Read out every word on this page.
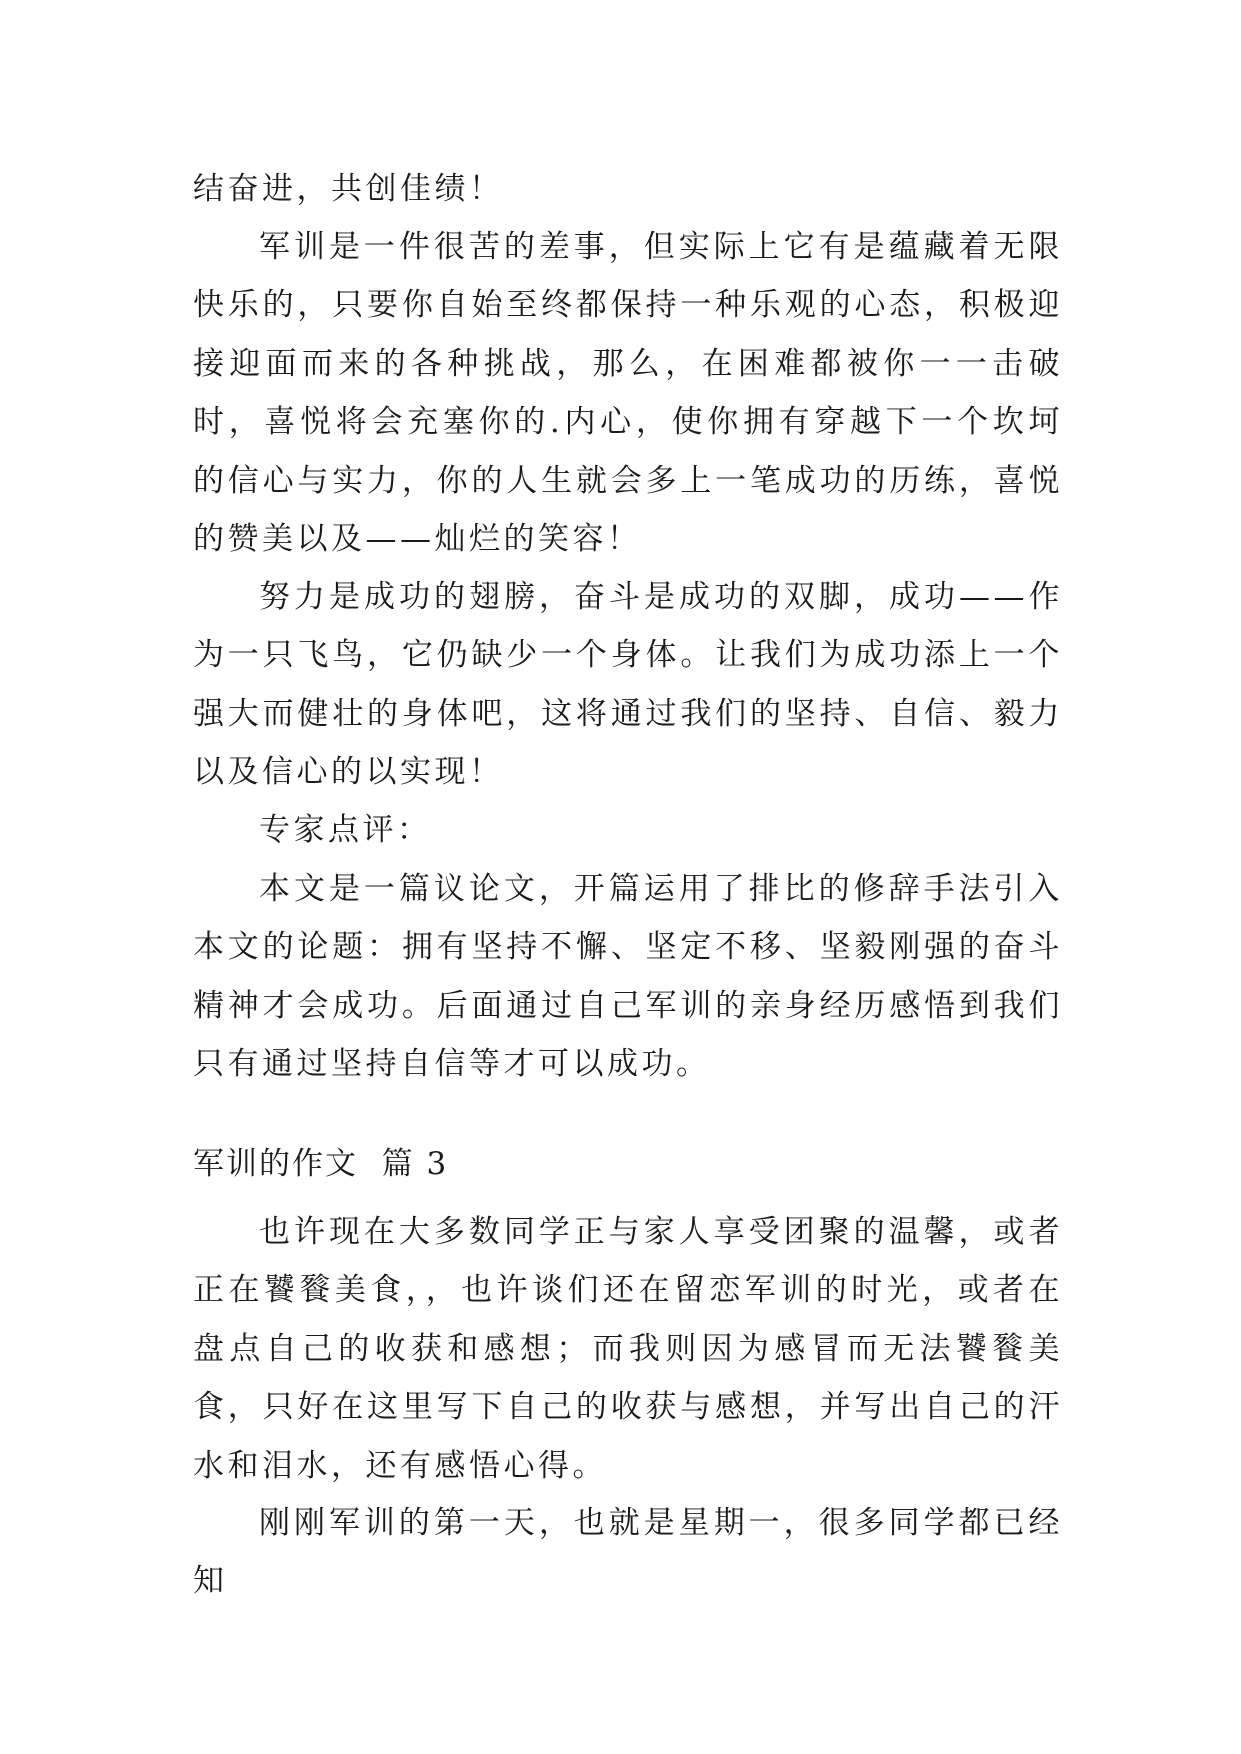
结奋进，共创佳绩！

军训是一件很苦的差事，但实际上它有是蕴藏着无限快乐的，只要你自始至终都保持一种乐观的心态，积极迎接迎面而来的各种挑战，那么，在困难都被你一一击破时，喜悦将会充塞你的.内心，使你拥有穿越下一个坎坷的信心与实力，你的人生就会多上一笔成功的历练，喜悦的赞美以及——灿烂的笑容！

努力是成功的翅膀，奋斗是成功的双脚，成功——作为一只飞鸟，它仍缺少一个身体。让我们为成功添上一个强大而健壮的身体吧，这将通过我们的坚持、自信、毅力以及信心的以实现！

专家点评：

本文是一篇议论文，开篇运用了排比的修辞手法引入本文的论题：拥有坚持不懈、坚定不移、坚毅刚强的奋斗精神才会成功。后面通过自己军训的亲身经历感悟到我们只有通过坚持自信等才可以成功。

军训的作文  篇 3

也许现在大多数同学正与家人享受团聚的温馨，或者正在饕餮美食，，也许谈们还在留恋军训的时光，或者在盘点自己的收获和感想；而我则因为感冒而无法饕餮美食，只好在这里写下自己的收获与感想，并写出自己的汗水和泪水，还有感悟心得。

刚刚军训的第一天，也就是星期一，很多同学都已经知
